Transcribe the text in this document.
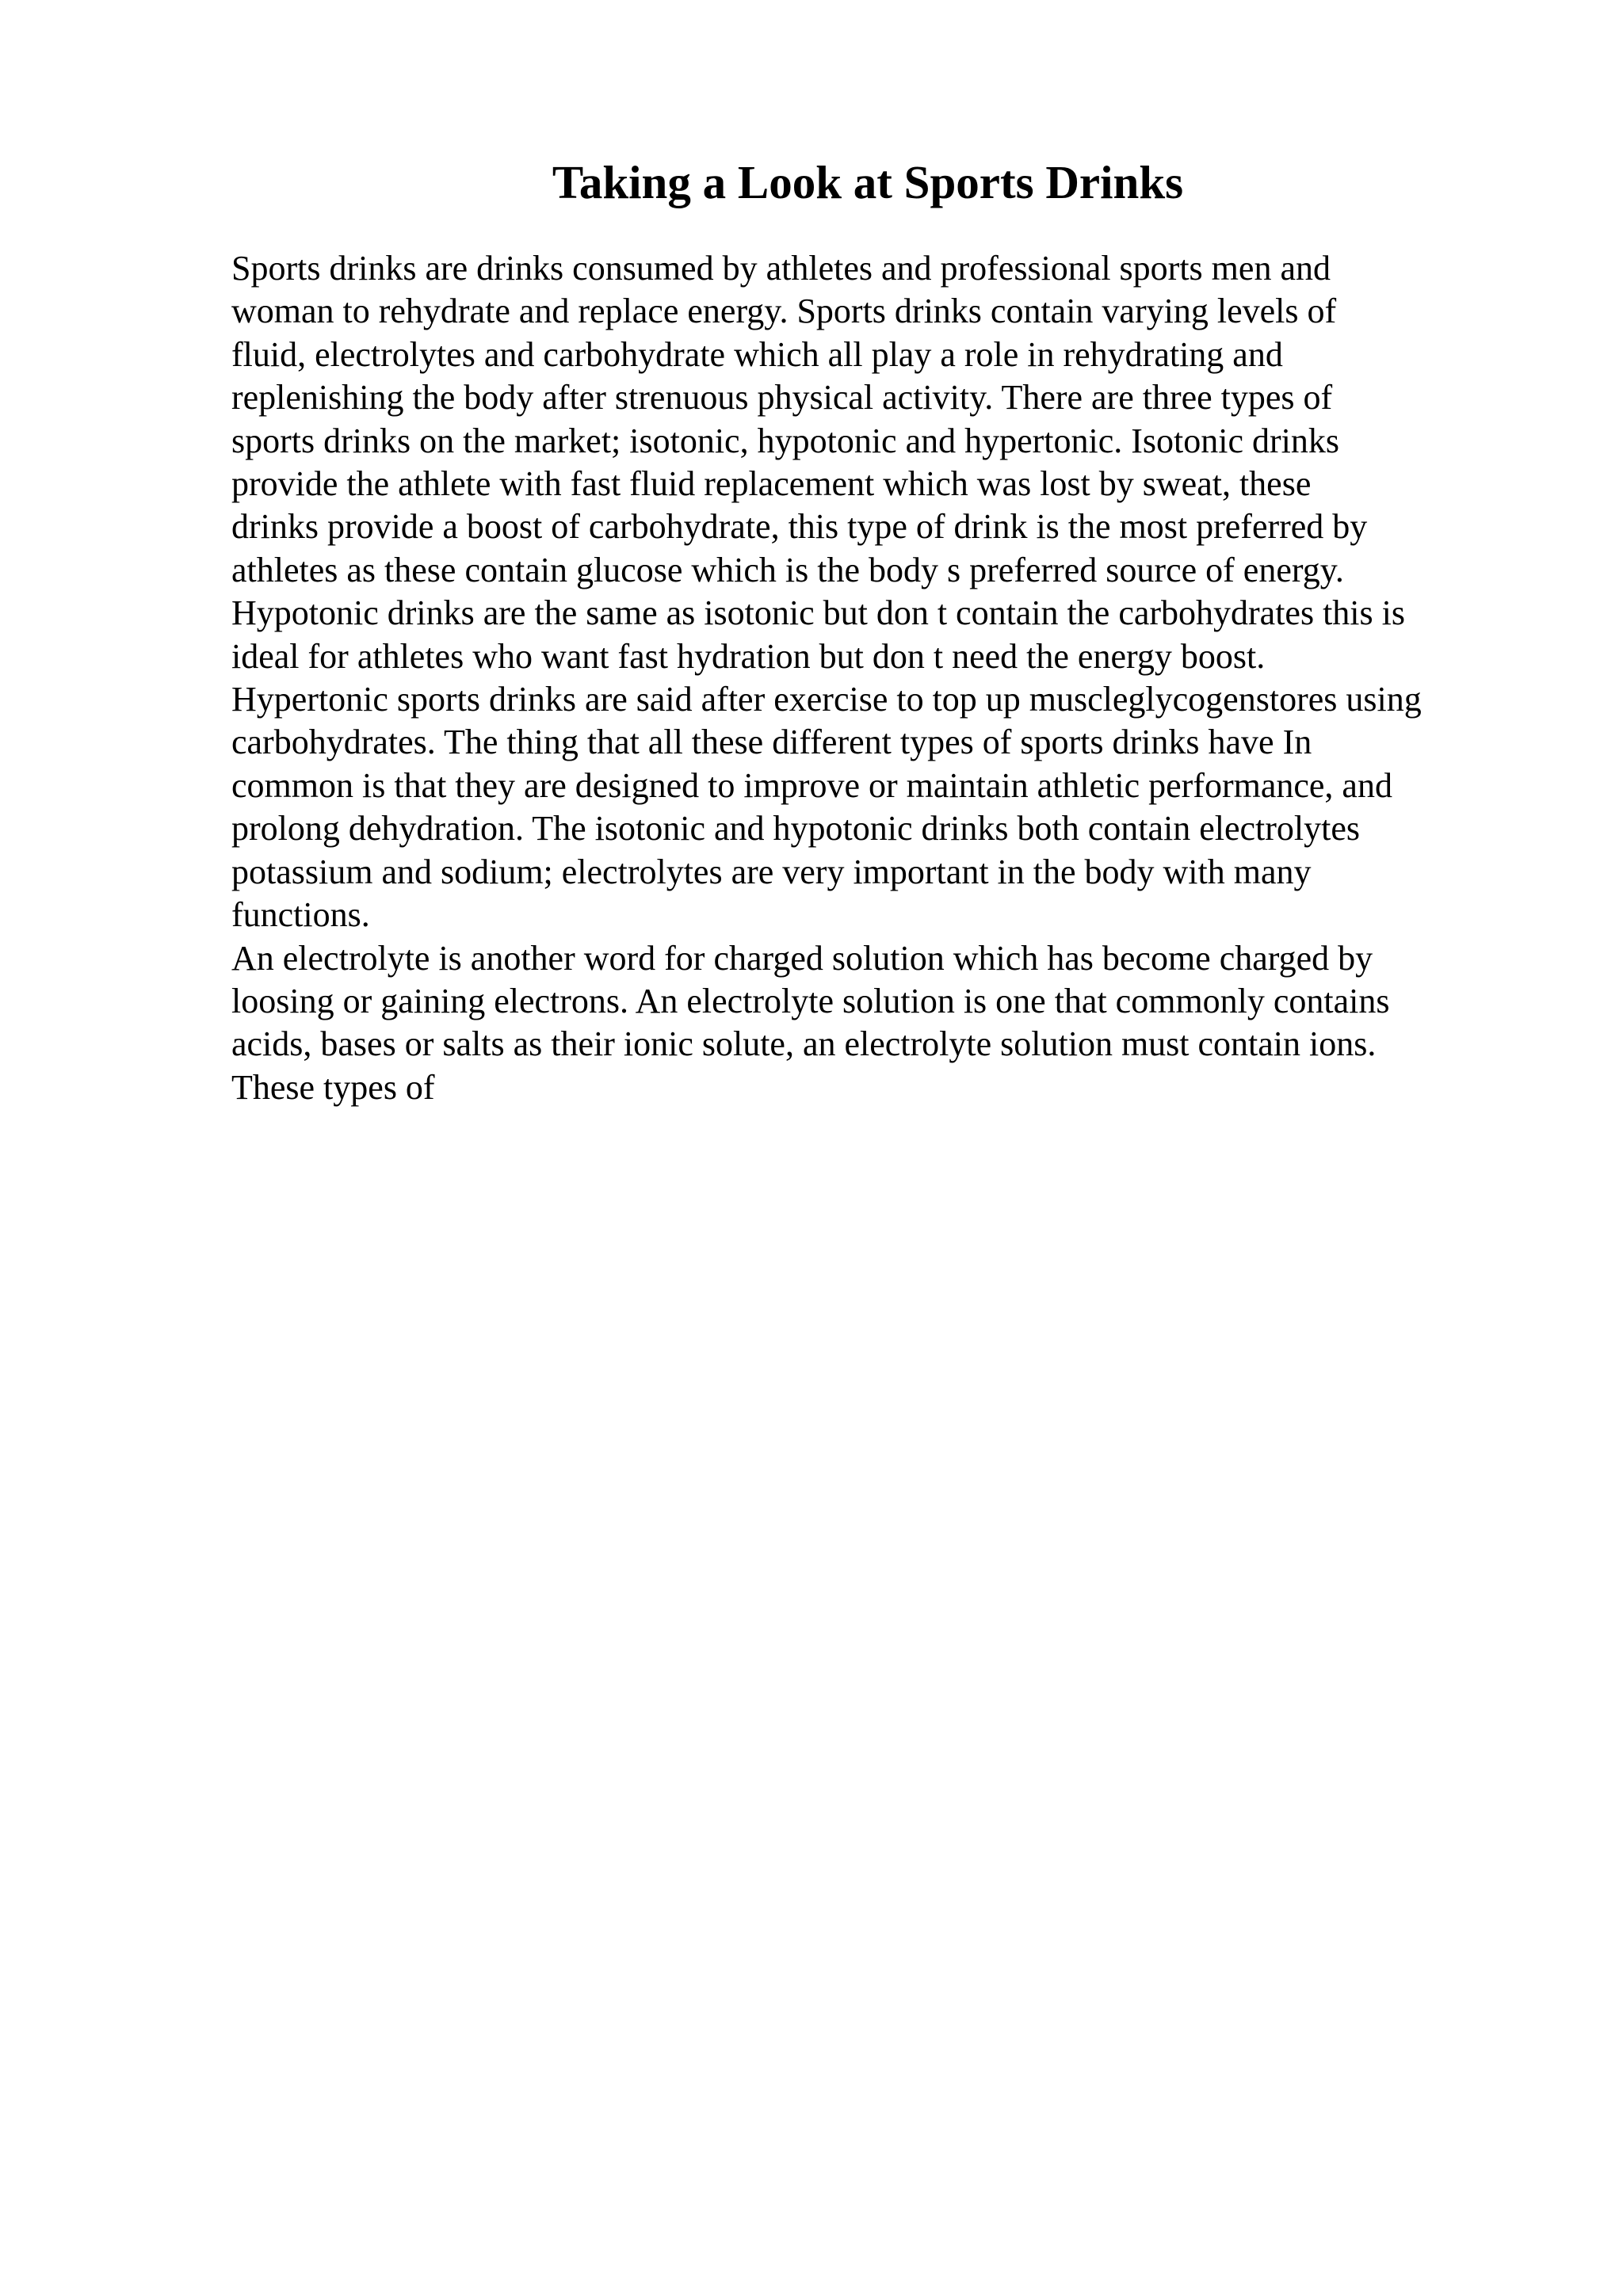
Taking a Look at Sports Drinks
Sports drinks are drinks consumed by athletes and professional sports men and
woman to rehydrate and replace energy. Sports drinks contain varying levels of
fluid, electrolytes and carbohydrate which all play a role in rehydrating and
replenishing the body after strenuous physical activity. There are three types of
sports drinks on the market; isotonic, hypotonic and hypertonic. Isotonic drinks
provide the athlete with fast fluid replacement which was lost by sweat, these
drinks provide a boost of carbohydrate, this type of drink is the most preferred by
athletes as these contain glucose which is the body s preferred source of energy.
Hypotonic drinks are the same as isotonic but don t contain the carbohydrates this is
ideal for athletes who want fast hydration but don t need the energy boost.
Hypertonic sports drinks are said after exercise to top up muscleglycogenstores using
carbohydrates. The thing that all these different types of sports drinks have In
common is that they are designed to improve or maintain athletic performance, and
prolong dehydration. The isotonic and hypotonic drinks both contain electrolytes
potassium and sodium; electrolytes are very important in the body with many
functions.
An electrolyte is another word for charged solution which has become charged by
loosing or gaining electrons. An electrolyte solution is one that commonly contains
acids, bases or salts as their ionic solute, an electrolyte solution must contain ions.
These types of
